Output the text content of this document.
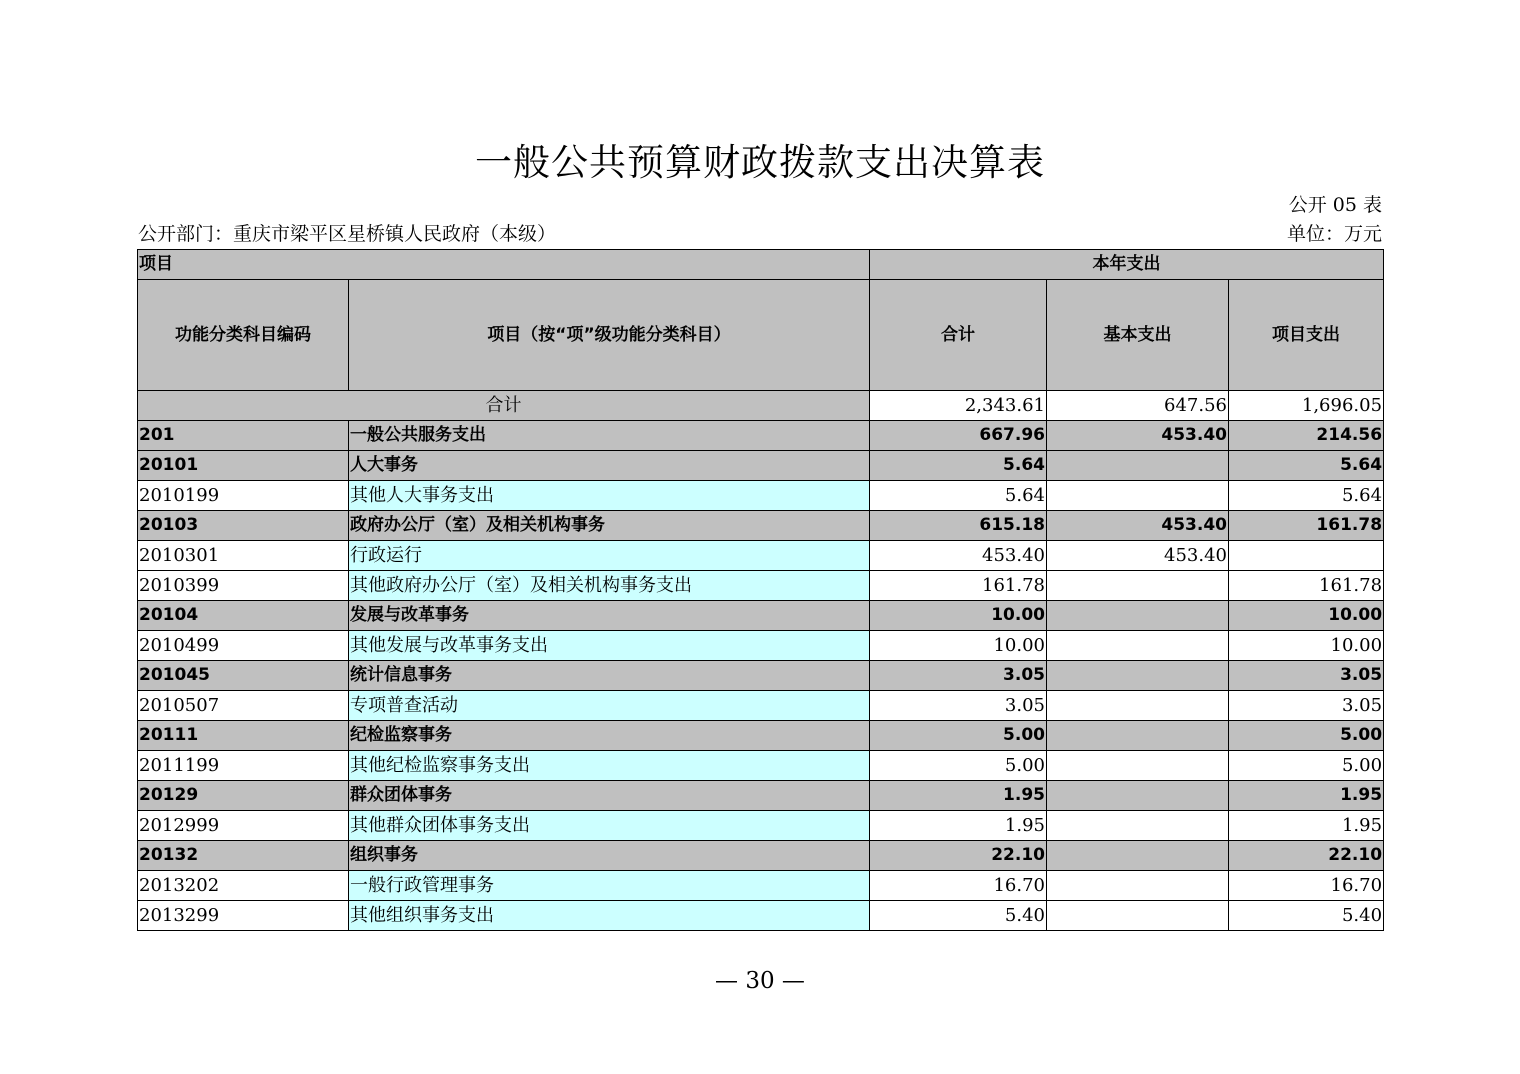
一般公共预算财政拨款支出决算表
公开 05 表
公开部门：重庆市梁平区星桥镇人民政府（本级）	单位：万元
项目		本年支出		
功能分类科目编码	项目（按“项”级功能分类科目）	合计	基本支出	项目支出
合计		2,343.61	647.56	1,696.05
201	一般公共服务支出	667.96	453.40	214.56
20101	人大事务	5.64		5.64
2010199	其他人大事务支出	5.64		5.64
20103	政府办公厅（室）及相关机构事务	615.18	453.40	161.78
2010301	行政运行	453.40	453.40	
2010399	其他政府办公厅（室）及相关机构事务支出	161.78		161.78
20104	发展与改革事务	10.00		10.00
2010499	其他发展与改革事务支出	10.00		10.00
201045	统计信息事务	3.05		3.05
2010507	专项普查活动	3.05		3.05
20111	纪检监察事务	5.00		5.00
2011199	其他纪检监察事务支出	5.00		5.00
20129	群众团体事务	1.95		1.95
2012999	其他群众团体事务支出	1.95		1.95
20132	组织事务	22.10		22.10
2013202	一般行政管理事务	16.70		16.70
2013299	其他组织事务支出	5.40		5.40
— 30 —
